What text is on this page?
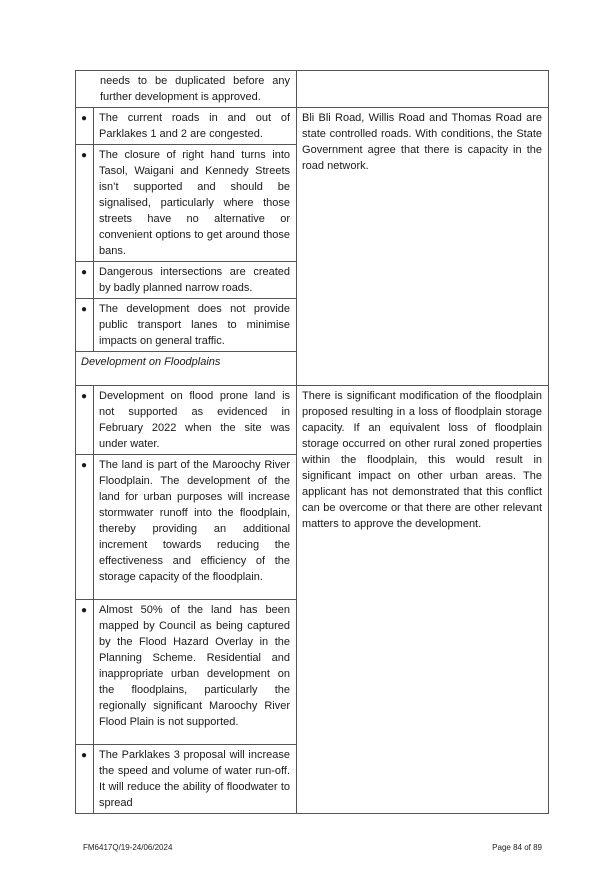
needs to be duplicated before any further development is approved.		
●	The current roads in and out of Parklakes 1 and 2 are congested.	Bli Bli Road, Willis Road and Thomas Road are state controlled roads. With conditions, the State Government agree that there is capacity in the road network.
●	The closure of right hand turns into Tasol, Waigani and Kennedy Streets isn’t supported and should be signalised, particularly where those streets have no alternative or convenient options to get around those bans.	
●	Dangerous intersections are created by badly planned narrow roads.	
●	The development does not provide public transport lanes to minimise impacts on general traffic.	
Development on Floodplains		
●	Development on flood prone land is not supported as evidenced in February 2022 when the site was under water.	There is significant modification of the floodplain proposed resulting in a loss of floodplain storage capacity. If an equivalent loss of floodplain storage occurred on other rural zoned properties within the floodplain, this would result in significant impact on other urban areas. The applicant has not demonstrated that this conflict can be overcome or that there are other relevant matters to approve the development.
●	The land is part of the Maroochy River Floodplain. The development of the land for urban purposes will increase stormwater runoff into the floodplain, thereby providing an additional increment towards reducing the effectiveness and efficiency of the storage capacity of the floodplain.	
●	Almost 50% of the land has been mapped by Council as being captured by the Flood Hazard Overlay in the Planning Scheme. Residential and inappropriate urban development on the floodplains, particularly the regionally significant Maroochy River Flood Plain is not supported.	
●	The Parklakes 3 proposal will increase the speed and volume of water run-off. It will reduce the ability of floodwater to spread	
FM6417Q/19-24/06/2024	Page 84 of 89
